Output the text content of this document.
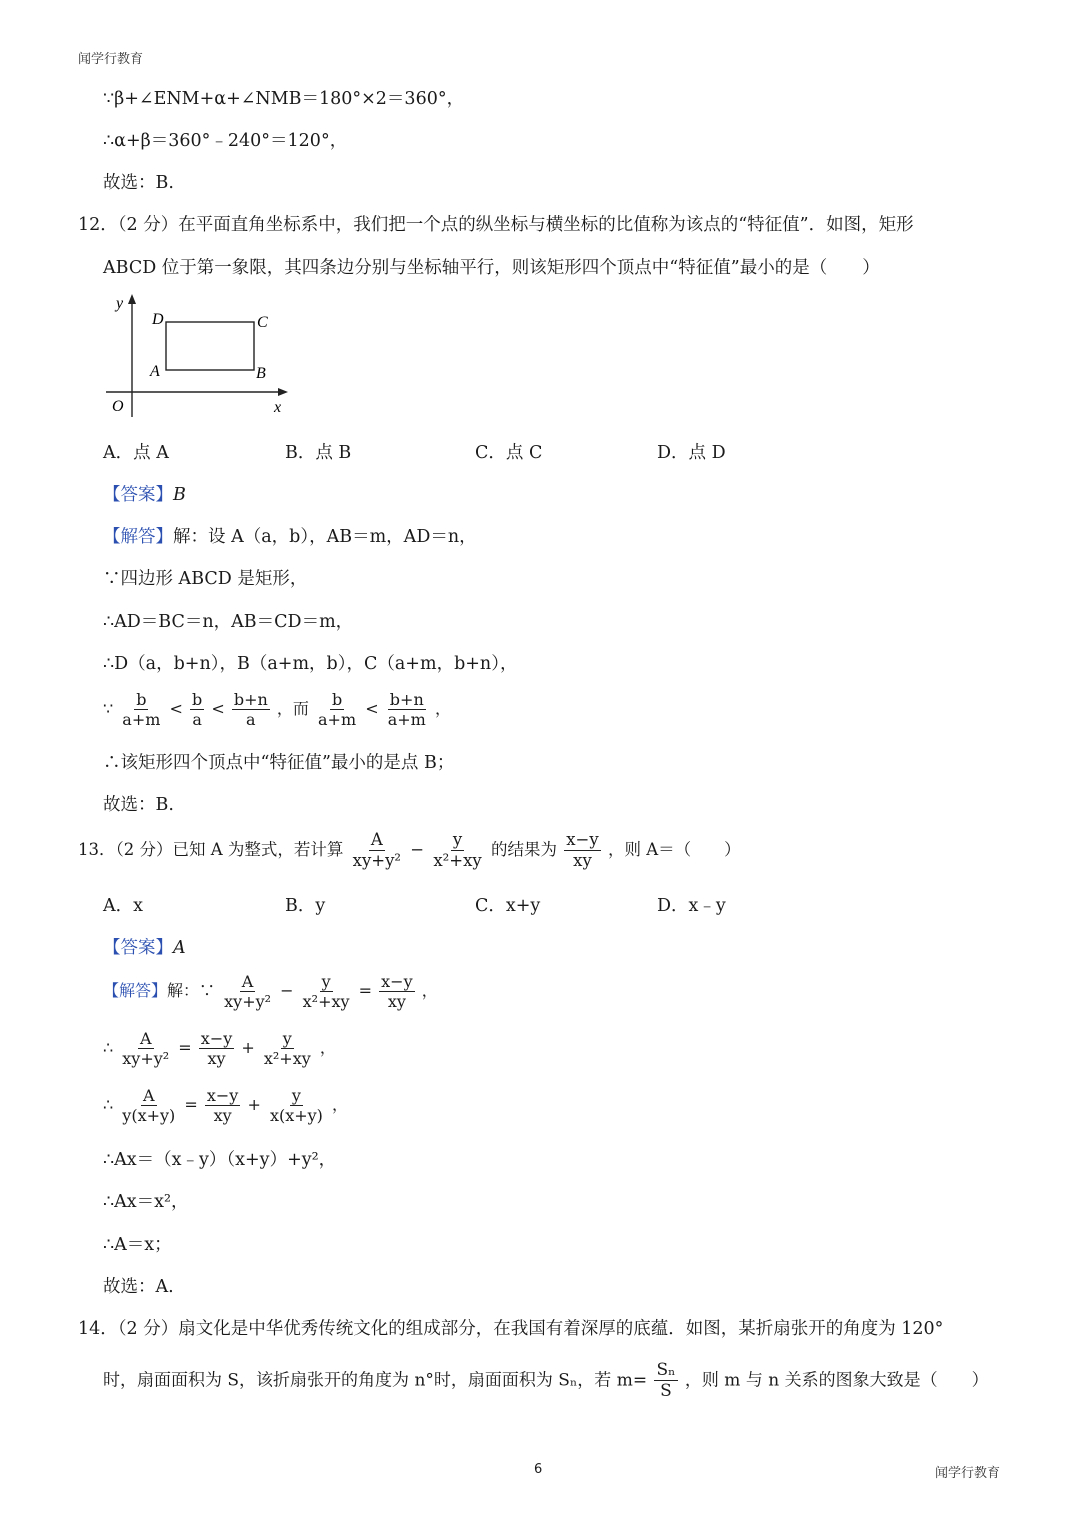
闻学行教育
∵β+∠ENM+α+∠NMB＝180°×2＝360°，
∴α+β＝360°﹣240°＝120°，
故选：B.
12．（2 分）在平面直角坐标系中，我们把一个点的纵坐标与横坐标的比值称为该点的“特征值”．如图，矩形
ABCD 位于第一象限，其四条边分别与坐标轴平行，则该矩形四个顶点中“特征值”最小的是（　　）
y
x
O
A	B
C
D
A．点 A	B．点 B	C．点 C	D．点 D
【答案】B
【解答】解：设 A（a，b），AB＝m，AD＝n，
∵四边形 ABCD 是矩形，
∴AD＝BC＝n，AB＝CD＝m，
∴D（a，b+n），B（a+m，b），C（a+m，b+n），
∵ $\frac{b}{a+m} < \frac{b}{a} < \frac{b+n}{a}$ ，而 $\frac{b}{a+m} < \frac{b+n}{a+m}$ ，
∴该矩形四个顶点中“特征值”最小的是点 B；
故选：B.
13．（2 分）已知 A 为整式，若计算 $\frac{A}{\text{xy+y²}} - \frac{y}{\text{x²+xy}}$ 的结果为 $\frac{x-y}{xy}$ ，则 A＝（　　）
A．x	B．y	C．x+y	D．x﹣y
【答案】A
【解答】解：∵ $\frac{A}{\text{xy+y²}} - \frac{y}{\text{x²+xy}} = \frac{x-y}{xy}$ ，
∴ $\frac{A}{\text{xy+y²}} = \frac{x-y}{xy} + \frac{y}{\text{x²+xy}}$ ，
∴ $\frac{A}{y(x+y)} = \frac{x-y}{xy} + \frac{y}{x(x+y)}$ ，
∴Ax＝（x﹣y）（x+y）+y²，
∴Ax＝x²，
∴A＝x；
故选：A.
14．（2 分）扇文化是中华优秀传统文化的组成部分，在我国有着深厚的底蕴．如图，某折扇张开的角度为 120°
时，扇面面积为 S，该折扇张开的角度为 n°时，扇面面积为 Sₙ，若 $m= \frac{\text{Sₙ}}{S}$ ，则 m 与 n 关系的图象大致是（　　）
6	闻学行教育
